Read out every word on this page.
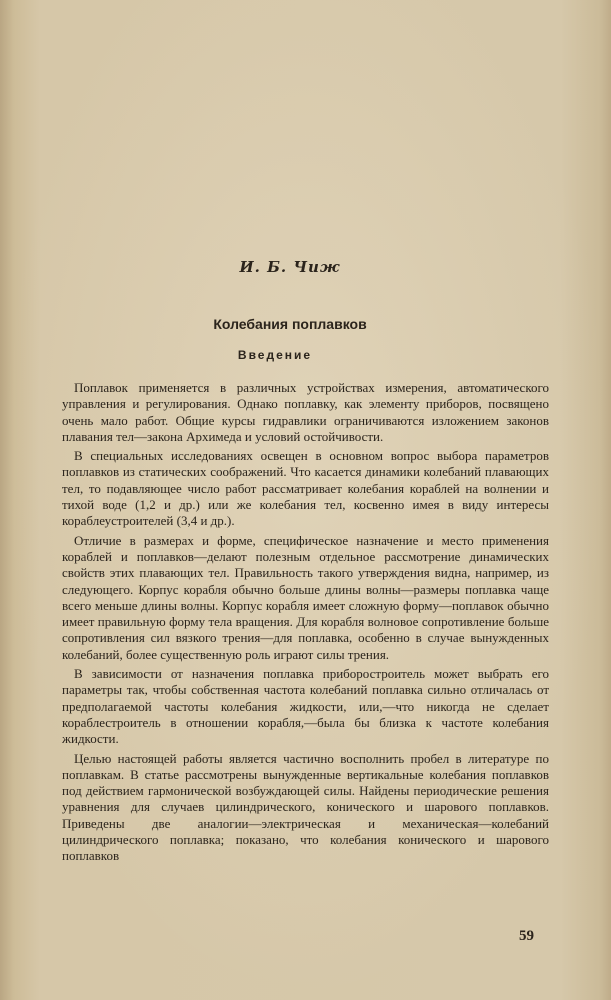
И. Б. Чиж
Колебания поплавков
Введение

Поплавок применяется в различных устройствах измерения, автоматического управления и регулирования. Однако поплавку, как элементу приборов, посвящено очень мало работ. Общие курсы гидравлики ограничиваются изложением законов плавания тел—закона Архимеда и условий остойчивости.

В специальных исследованиях освещен в основном вопрос выбора параметров поплавков из статических соображений. Что касается динамики колебаний плавающих тел, то подавляющее число работ рассматривает колебания кораблей на волнении и тихой воде (1,2 и др.) или же колебания тел, косвенно имея в виду интересы кораблеустроителей (3,4 и др.).

Отличие в размерах и форме, специфическое назначение и место применения кораблей и поплавков—делают полезным отдельное рассмотрение динамических свойств этих плавающих тел. Правильность такого утверждения видна, например, из следующего. Корпус корабля обычно больше длины волны—размеры поплавка чаще всего меньше длины волны. Корпус корабля имеет сложную форму—поплавок обычно имеет правильную форму тела вращения. Для корабля волновое сопротивление больше сопротивления сил вязкого трения—для поплавка, особенно в случае вынужденных колебаний, более существенную роль играют силы трения.

В зависимости от назначения поплавка приборостроитель может выбрать его параметры так, чтобы собственная частота колебаний поплавка сильно отличалась от предполагаемой частоты колебания жидкости, или,—что никогда не сделает кораблестроитель в отношении корабля,—была бы близка к частоте колебания жидкости.

Целью настоящей работы является частично восполнить пробел в литературе по поплавкам. В статье рассмотрены вынужденные вертикальные колебания поплавков под действием гармонической возбуждающей силы. Найдены периодические решения уравнения для случаев цилиндрического, конического и шарового поплавков. Приведены две аналогии—электрическая и механическая—колебаний цилиндрического поплавка; показано, что колебания конического и шарового поплавков

59
